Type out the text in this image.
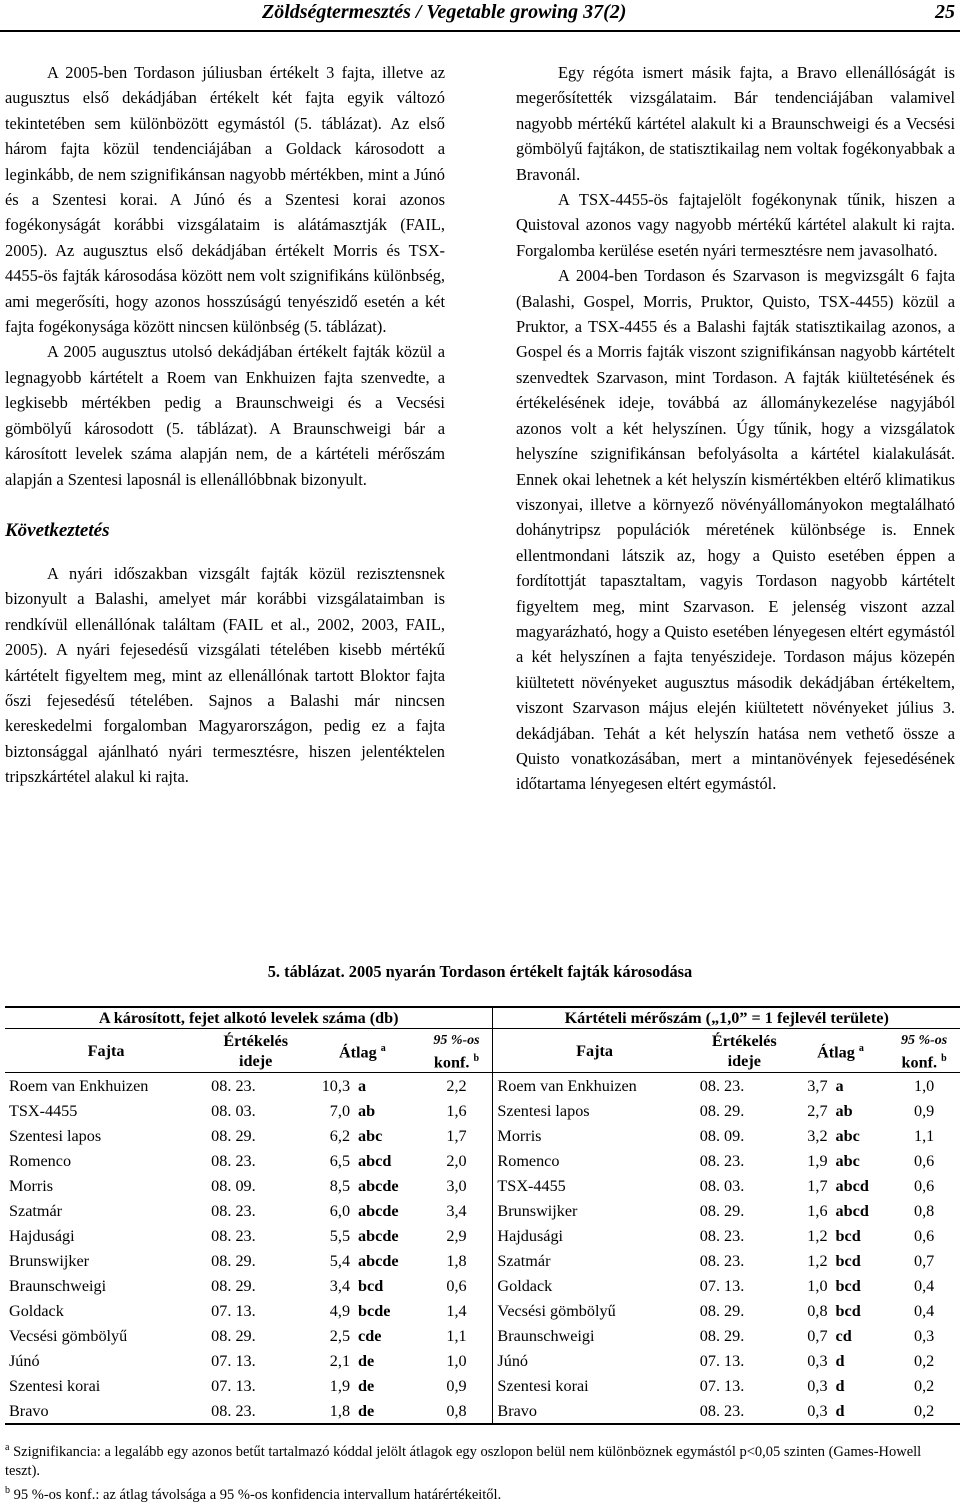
Zöldségtermesztés / Vegetable growing 37(2)	25

A 2005-ben Tordason júliusban értékelt 3 fajta, illetve az augusztus első dekádjában értékelt két fajta egyik változó tekintetében sem különbözött egymástól (5. táblázat). Az első három fajta közül tendenciájában a Goldack károsodott a leginkább, de nem szignifikánsan nagyobb mértékben, mint a Júnó és a Szentesi korai. A Júnó és a Szentesi korai azonos fogékonyságát korábbi vizsgálataim is alátámasztják (FAIL, 2005). Az augusztus első dekádjában értékelt Morris és TSX-4455-ös fajták károsodása között nem volt szignifikáns különbség, ami megerősíti, hogy azonos hosszúságú tenyészidő esetén a két fajta fogékonysága között nincsen különbség (5. táblázat).

A 2005 augusztus utolsó dekádjában értékelt fajták közül a legnagyobb kártételt a Roem van Enkhuizen fajta szenvedte, a legkisebb mértékben pedig a Braunschweigi és a Vecsési gömbölyű károsodott (5. táblázat). A Braunschweigi bár a károsított levelek száma alapján nem, de a kártételi mérőszám alapján a Szentesi laposnál is ellenállóbbnak bizonyult.

Következtetés

A nyári időszakban vizsgált fajták közül rezisztensnek bizonyult a Balashi, amelyet már korábbi vizsgálataimban is rendkívül ellenállónak találtam (FAIL et al., 2002, 2003, FAIL, 2005). A nyári fejesedésű vizsgálati tételében kisebb mértékű kártételt figyeltem meg, mint az ellenállónak tartott Bloktor fajta őszi fejesedésű tételében. Sajnos a Balashi már nincsen kereskedelmi forgalomban Magyarországon, pedig ez a fajta biztonsággal ajánlható nyári termesztésre, hiszen jelentéktelen tripszkártétel alakul ki rajta.

Egy régóta ismert másik fajta, a Bravo ellenállóságát is megerősítették vizsgálataim. Bár tendenciájában valamivel nagyobb mértékű kártétel alakult ki a Braunschweigi és a Vecsési gömbölyű fajtákon, de statisztikailag nem voltak fogékonyabbak a Bravonál.

A TSX-4455-ös fajtajelölt fogékonynak tűnik, hiszen a Quistoval azonos vagy nagyobb mértékű kártétel alakult ki rajta. Forgalomba kerülése esetén nyári termesztésre nem javasolható.

A 2004-ben Tordason és Szarvason is megvizsgált 6 fajta (Balashi, Gospel, Morris, Pruktor, Quisto, TSX-4455) közül a Pruktor, a TSX-4455 és a Balashi fajták statisztikailag azonos, a Gospel és a Morris fajták viszont szignifikánsan nagyobb kártételt szenvedtek Szarvason, mint Tordason. A fajták kiültetésének és értékelésének ideje, továbbá az állománykezelése nagyjából azonos volt a két helyszínen. Úgy tűnik, hogy a vizsgálatok helyszíne szignifikánsan befolyásolta a kártétel kialakulását. Ennek okai lehetnek a két helyszín kismértékben eltérő klimatikus viszonyai, illetve a környező növényállományokon megtalálható dohánytripsz populációk méretének különbsége is. Ennek ellentmondani látszik az, hogy a Quisto esetében éppen a fordítottját tapasztaltam, vagyis Tordason nagyobb kártételt figyeltem meg, mint Szarvason. E jelenség viszont azzal magyarázható, hogy a Quisto esetében lényegesen eltért egymástól a két helyszínen a fajta tenyészideje. Tordason május közepén kiültetett növényeket augusztus második dekádjában értékeltem, viszont Szarvason május elején kiültetett növényeket július 3. dekádjában. Tehát a két helyszín hatása nem vethető össze a Quisto vonatkozásában, mert a mintanövények fejesedésének időtartama lényegesen eltért egymástól.

5. táblázat. 2005 nyarán Tordason értékelt fajták károsodása
A károsított, fejet alkotó levelek száma (db)					Kártételi mérőszám („1,0” = 1 fejlevél területe)				
Fajta	Értékelés
ideje	Átlag $^a$		95 %-os
konf. $^b$	Fajta	Értékelés
ideje	Átlag $^a$		95 %-os
konf. $^b$
Roem van Enkhuizen	08. 23.	10,3	a	2,2	Roem van Enkhuizen	08. 23.	3,7	a	1,0
TSX-4455	08. 03.	7,0	ab	1,6	Szentesi lapos	08. 29.	2,7	ab	0,9
Szentesi lapos	08. 29.	6,2	abc	1,7	Morris	08. 09.	3,2	abc	1,1
Romenco	08. 23.	6,5	abcd	2,0	Romenco	08. 23.	1,9	abc	0,6
Morris	08. 09.	8,5	abcde	3,0	TSX-4455	08. 03.	1,7	abcd	0,6
Szatmár	08. 23.	6,0	abcde	3,4	Brunswijker	08. 29.	1,6	abcd	0,8
Hajdusági	08. 23.	5,5	abcde	2,9	Hajdusági	08. 23.	1,2	bcd	0,6
Brunswijker	08. 29.	5,4	abcde	1,8	Szatmár	08. 23.	1,2	bcd	0,7
Braunschweigi	08. 29.	3,4	bcd	0,6	Goldack	07. 13.	1,0	bcd	0,4
Goldack	07. 13.	4,9	bcde	1,4	Vecsési gömbölyű	08. 29.	0,8	bcd	0,4
Vecsési gömbölyű	08. 29.	2,5	cde	1,1	Braunschweigi	08. 29.	0,7	cd	0,3
Júnó	07. 13.	2,1	de	1,0	Júnó	07. 13.	0,3	d	0,2
Szentesi korai	07. 13.	1,9	de	0,9	Szentesi korai	07. 13.	0,3	d	0,2
Bravo	08. 23.	1,8	de	0,8	Bravo	08. 23.	0,3	d	0,2

$^a$ Szignifikancia: a legalább egy azonos betűt tartalmazó kóddal jelölt átlagok egy oszlopon belül nem különböznek egymástól p<0,05 szinten (Games-Howell teszt).

$^b$ 95 %-os konf.: az átlag távolsága a 95 %-os konfidencia intervallum határértékeitől.
